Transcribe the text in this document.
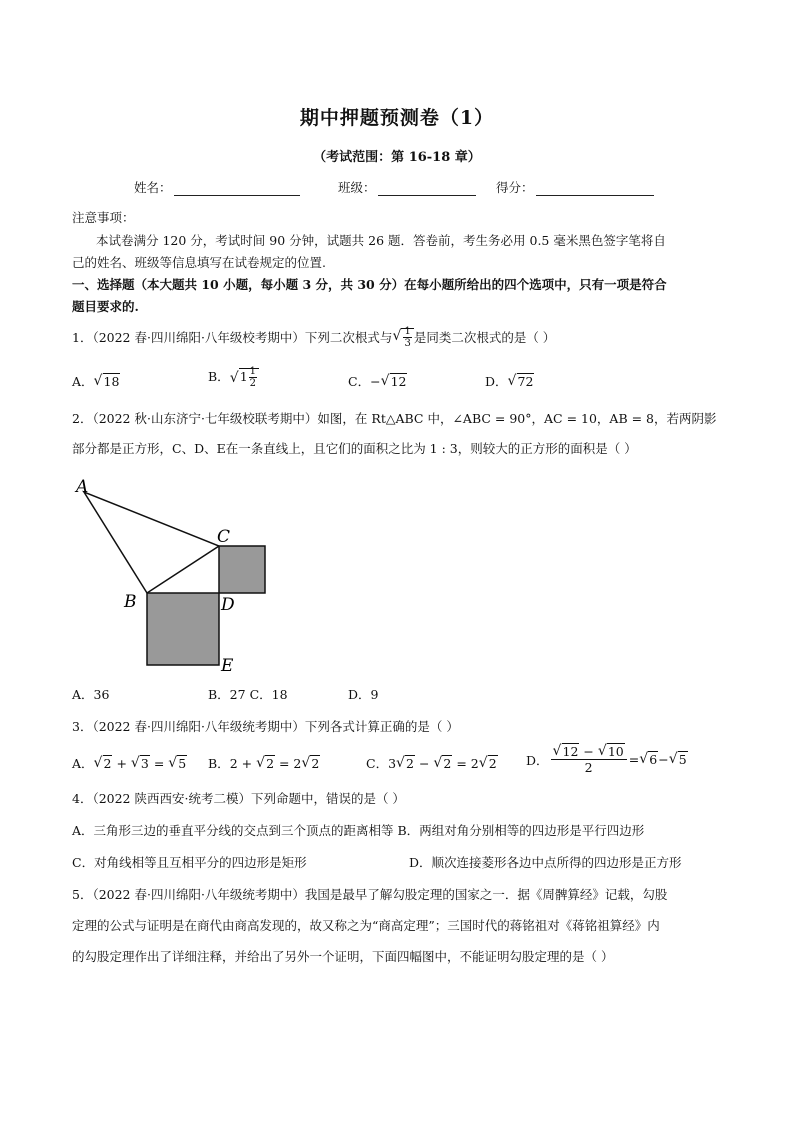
期中押题预测卷（1）
（考试范围：第 16-18 章）
姓名：	班级：	得分：
注意事项：
本试卷满分 120 分，考试时间 90 分钟，试题共 26 题．答卷前，考生务必用 0.5 毫米黑色签字笔将自
己的姓名、班级等信息填写在试卷规定的位置.
一、选择题（本大题共 10 小题，每小题 3 分，共 30 分）在每小题所给出的四个选项中，只有一项是符合
题目要求的.
1．（2022 春·四川绵阳·八年级校考期中）下列二次根式与 √ $\frac{1}{3}$ 是同类二次根式的是（ ）
A． √ 18	B． √ $1 \frac{1}{2}$	C．− √ 12	D． √ 72
2．（2022 秋·山东济宁·七年级校联考期中）如图，在 Rt△ABC 中，∠ABC = 90°，AC = 10，AB = 8，若两阴影
部分都是正方形，C、D、E在一条直线上，且它们的面积之比为 1 : 3，则较大的正方形的面积是（ ）
A
B
C
D
E
A．36	B．27 C．18	D．9
3．（2022 春·四川绵阳·八年级统考期中）下列各式计算正确的是（ ）
A． √ 2 + √ 3 = √ 5 B．2 + √ 2 = 2 √ 2	C．3 √ 2 − √ 2 = 2 √ 2 D．
√ 12 − √ 10
2
= √ 6 − √ 5
4．（2022 陕西西安·统考二模）下列命题中，错误的是（ ）
A．三角形三边的垂直平分线的交点到三个顶点的距离相等 B．两组对角分别相等的四边形是平行四边形
C．对角线相等且互相平分的四边形是矩形	D．顺次连接菱形各边中点所得的四边形是正方形
5．（2022 春·四川绵阳·八年级统考期中）我国是最早了解勾股定理的国家之一．据《周髀算经》记载，勾股
定理的公式与证明是在商代由商高发现的，故又称之为“商高定理”；三国时代的蒋铭祖对《蒋铭祖算经》内
的勾股定理作出了详细注释，并给出了另外一个证明，下面四幅图中，不能证明勾股定理的是（ ）
